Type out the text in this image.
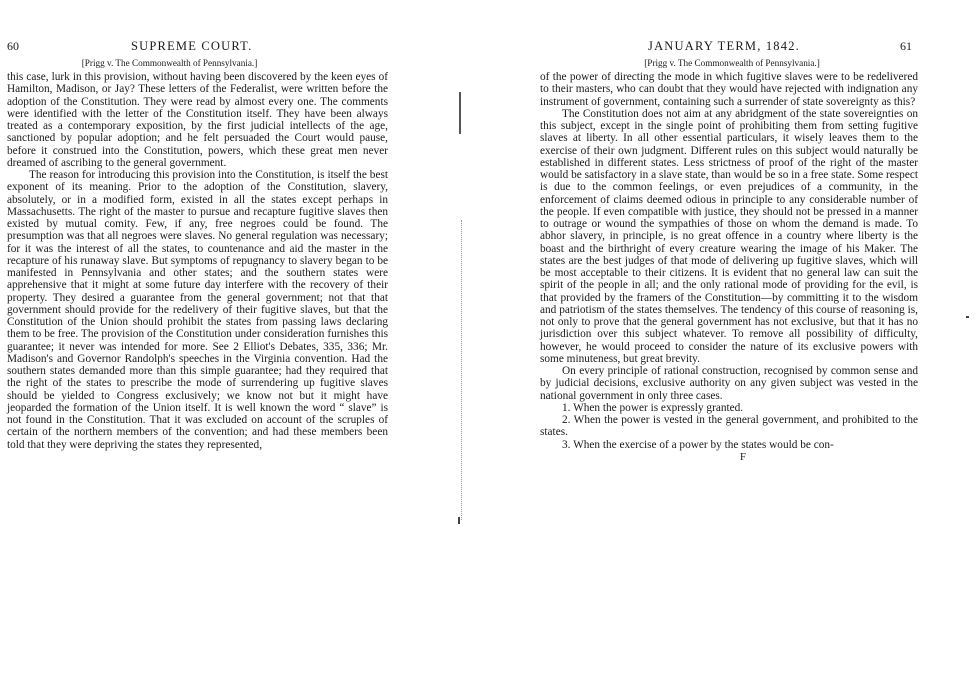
60	SUPREME COURT.
[Prigg v. The Commonwealth of Pennsylvania.]

this case, lurk in this provision, without having been discovered by the keen eyes of Hamilton, Madison, or Jay? These letters of the Federalist, were written before the adoption of the Constitution. They were read by almost every one. The comments were identified with the letter of the Constitution itself. They have been always treated as a contemporary exposition, by the first judicial intellects of the age, sanctioned by popular adoption; and he felt persuaded the Court would pause, before it construed into the Constitution, powers, which these great men never dreamed of ascribing to the general government.

The reason for introducing this provision into the Constitution, is itself the best exponent of its meaning. Prior to the adoption of the Constitution, slavery, absolutely, or in a modified form, existed in all the states except perhaps in Massachusetts. The right of the master to pursue and recapture fugitive slaves then existed by mutual comity. Few, if any, free negroes could be found. The presumption was that all negroes were slaves. No general regulation was necessary; for it was the interest of all the states, to countenance and aid the master in the recapture of his runaway slave. But symptoms of repugnancy to slavery began to be manifested in Pennsylvania and other states; and the southern states were apprehensive that it might at some future day interfere with the recovery of their property. They desired a guarantee from the general government; not that that government should provide for the redelivery of their fugitive slaves, but that the Constitution of the Union should prohibit the states from passing laws declaring them to be free. The provision of the Constitution under consideration furnishes this guarantee; it never was intended for more. See 2 Elliot's Debates, 335, 336; Mr. Madison's and Governor Randolph's speeches in the Virginia convention. Had the southern states demanded more than this simple guarantee; had they required that the right of the states to prescribe the mode of surrendering up fugitive slaves should be yielded to Congress exclusively; we know not but it might have jeoparded the formation of the Union itself. It is well known the word “ slave” is not found in the Constitution. That it was excluded on account of the scruples of certain of the northern members of the convention; and had these members been told that they were depriving the states they represented,

JANUARY TERM, 1842.	61
[Prigg v. The Commonwealth of Pennsylvania.]

of the power of directing the mode in which fugitive slaves were to be redelivered to their masters, who can doubt that they would have rejected with indignation any instrument of government, containing such a surrender of state sovereignty as this?

The Constitution does not aim at any abridgment of the state sovereignties on this subject, except in the single point of prohibiting them from setting fugitive slaves at liberty. In all other essential particulars, it wisely leaves them to the exercise of their own judgment. Different rules on this subject would naturally be established in different states. Less strictness of proof of the right of the master would be satisfactory in a slave state, than would be so in a free state. Some respect is due to the common feelings, or even prejudices of a community, in the enforcement of claims deemed odious in principle to any considerable number of the people. If even compatible with justice, they should not be pressed in a manner to outrage or wound the sympathies of those on whom the demand is made. To abhor slavery, in principle, is no great offence in a country where liberty is the boast and the birthright of every creature wearing the image of his Maker. The states are the best judges of that mode of delivering up fugitive slaves, which will be most acceptable to their citizens. It is evident that no general law can suit the spirit of the people in all; and the only rational mode of providing for the evil, is that provided by the framers of the Constitution—by committing it to the wisdom and patriotism of the states themselves. The tendency of this course of reasoning is, not only to prove that the general government has not exclusive, but that it has no jurisdiction over this subject whatever. To remove all possibility of difficulty, however, he would proceed to consider the nature of its exclusive powers with some minuteness, but great brevity.

On every principle of rational construction, recognised by common sense and by judicial decisions, exclusive authority on any given subject was vested in the national government in only three cases.

1. When the power is expressly granted.

2. When the power is vested in the general government, and prohibited to the states.

3. When the exercise of a power by the states would be con-

F
